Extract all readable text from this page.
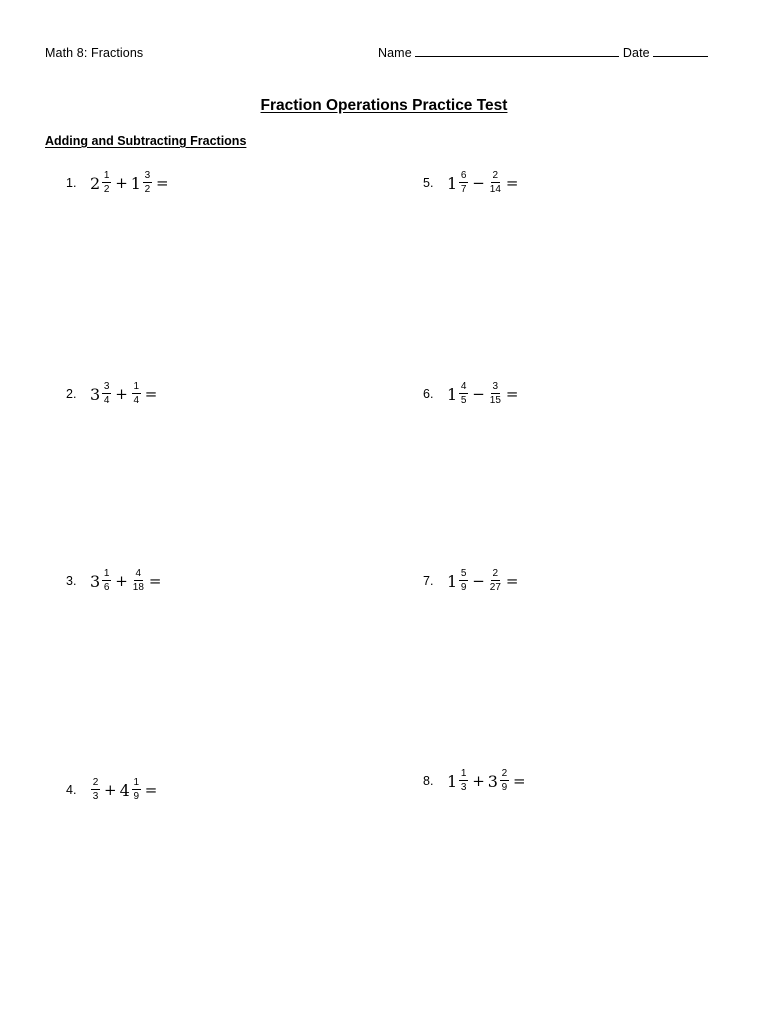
Math 8: Fractions	Name	Date
Fraction Operations Practice Test
Adding and Subtracting Fractions
1. $2 \frac{1}{2} + 1 \frac{3}{2}$ =
2. $3 \frac{3}{4} + \frac{1}{4}$ =
3. $3 \frac{1}{6} + \frac{4}{18}$ =
4.	$\frac{2}{3} + 4 \frac{1}{9}$ =
5. $1 \frac{6}{7} - \frac{2}{14}$ =
6. $1 \frac{4}{5} - \frac{3}{15}$ =
7. $1 \frac{5}{9} - \frac{2}{27}$ =
8. $1 \frac{1}{3} + 3 \frac{2}{9}$ =
